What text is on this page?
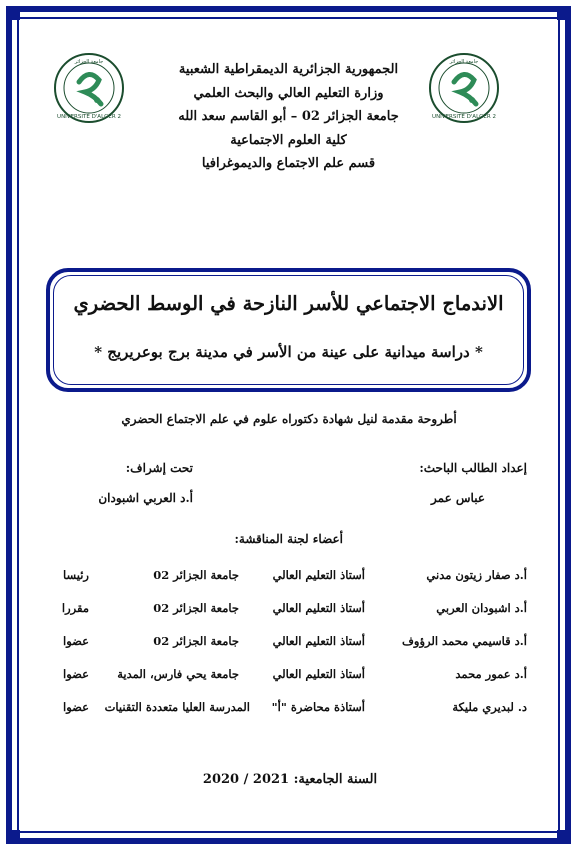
UNIVERSITÉ D'ALGER 2
جامعة الجزائر
UNIVERSITÉ D'ALGER 2
جامعة الجزائر
الجمهورية الجزائرية الديمقراطية الشعبية
وزارة التعليم العالي والبحث العلمي
جامعة الجزائر 02 – أبو القاسم سعد الله
كلية العلوم الاجتماعية
قسم علم الاجتماع والديموغرافيا
الاندماج الاجتماعي للأسر النازحة في الوسط الحضري
* دراسة ميدانية على عينة من الأسر في مدينة برج بوعريريج *
أطروحة مقدمة لنيل شهادة دكتوراه علوم في علم الاجتماع الحضري
إعداد الطالب الباحث:
عباس عمر
تحت إشراف:
أ.د العربي اشبودان
أعضاء لجنة المناقشة:
أ.د صفار زيتون مدني
أستاذ التعليم العالي
جامعة الجزائر 02
رئيسا
أ.د اشبودان العربي
أستاذ التعليم العالي
جامعة الجزائر 02
مقررا
أ.د قاسيمي محمد الرؤوف
أستاذ التعليم العالي
جامعة الجزائر 02
عضوا
أ.د عمور محمد
أستاذ التعليم العالي
جامعة يحي فارس، المدية
عضوا
د. لبديري مليكة
أستاذة محاضرة "أ"
المدرسة العليا متعددة التقنيات
عضوا
السنة الجامعية: 2020 / 2021
